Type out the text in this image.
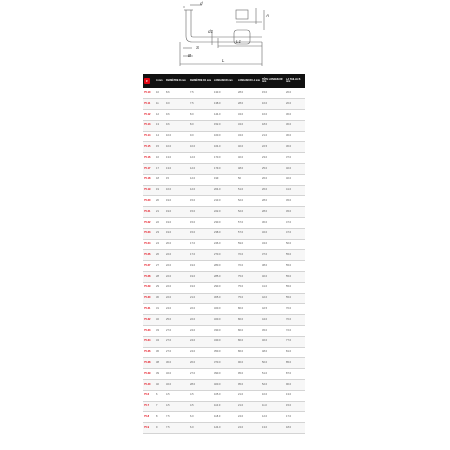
d
A
d1
L1
S
B
L
F	A mm	DIAMÈTRE D mm	DIAMÈTRE D1 mm	LONGUEUR mm	LONGUEUR L1 mm	TÊTE LONGUEUR mm	LA TAILLE B mm
75.10	10	8.6	7.5	133.0	28.0	15.0	20.0
75.11	11	9.0	7.5	138.0	28.0	16.0	20.0
75.12	12	9.6	8.0	144.0	34.0	16.0	30.0
75.13	13	9.6	8.0	152.0	34.0	18.0	30.0
75.14	14	10.0	9.0	160.0	34.0	21.0	30.0
75.15	15	10.0	10.0	164.0	40.0	22.5	30.0
75.16	16	13.0	12.0	170.0	40.0	23.0	37.0
75.17	17	13.0	12.0	179.0	48.0	25.0	40.0
75.18	18	15	12.0	199	50	26.0	40.0
75.19	19	16.0	12.0	204.0	51.0	26.0	41.0
75.20	20	19.0	15.0	213.0	52.0	28.0	45.0
75.21	21	19.0	15.0	222.0	52.0	28.0	45.0
75.22	22	19.0	15.0	230.0	57.0	30.0	47.0
75.23	23	19.0	15.0	238.0	57.0	32.0	47.0
75.24	24	20.0	17.0	246.0	59.0	34.0	50.0
75.26	26	22.0	17.0	270.0	70.0	37.0	55.0
75.27	27	22.0	19.0	280.0	70.0	38.0	55.0
75.28	28	22.0	19.0	285.0	75.0	40.0	55.0
75.29	29	22.0	19.0	290.0	75.0	41.0	55.0
75.30	30	22.0	21.0	305.0	75.0	42.0	55.0
75.31	31	24.0	22.0	320.0	80.0	42.5	70.0
75.32	32	25.0	22.0	320.0	80.0	44.0	70.0
75.33	33	27.0	24.0	330.0	80.0	45.0	72.0
75.34	34	27.0	24.0	340.0	80.0	46.0	77.0
75.36	36	27.0	24.0	350.0	86.0	48.0	81.0
75.38	38	30.0	26.0	370.0	90.0	50.0	85.0
75.39	39	32.0	27.0	390.0	95.0	51.0	87.0
75.40	40	32.0	28.0	400.0	95.0	52.0	90.0
75.6	6	4.5	4.5	105.0	21.0	10.0	13.0
75.7	7	4.5	4.5	110.0	21.0	11.0	15.0
75.8	8	7.5	6.0	118.0	24.0	12.0	17.0
75.9	9	7.5	6.0	124.0	24.0	13.0	18.0
